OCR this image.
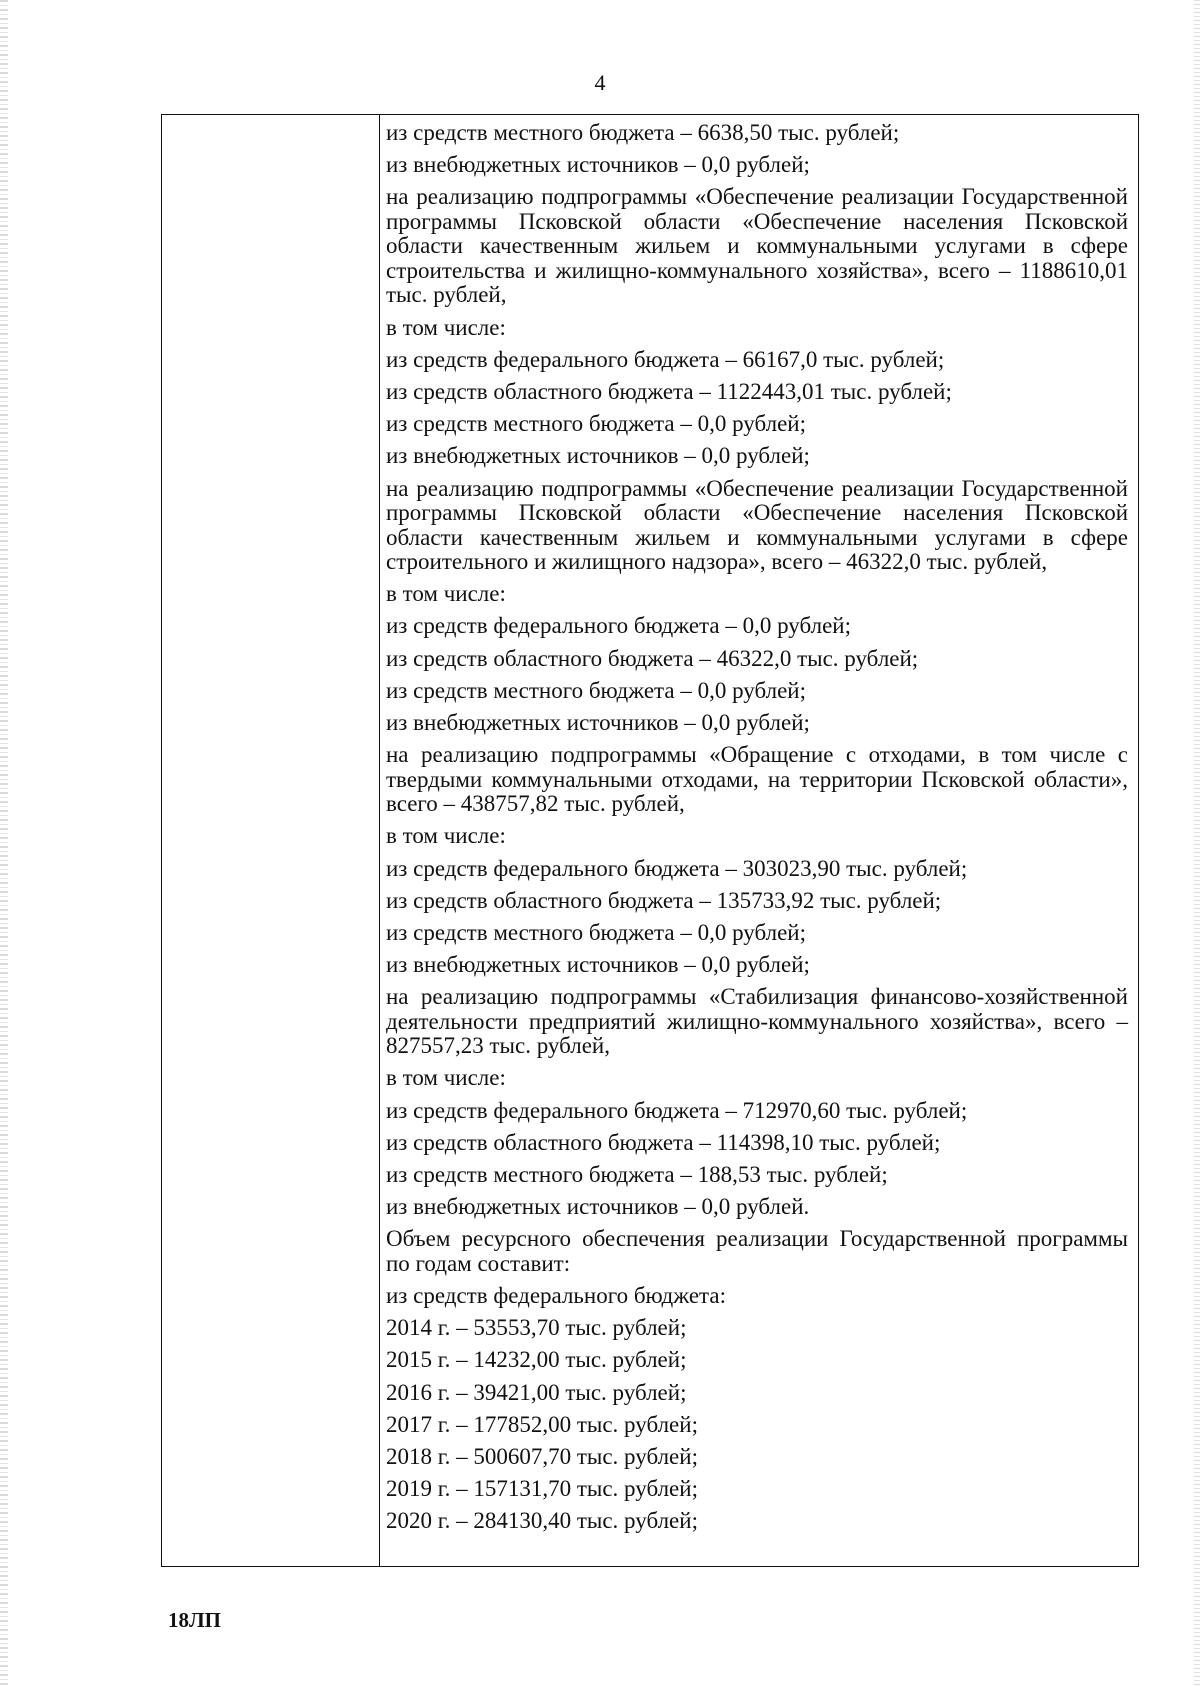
4
из средств местного бюджета – 6638,50 тыс. рублей;
из внебюджетных источников – 0,0 рублей;
на реализацию подпрограммы «Обеспечение реализации Государственной программы Псковской области «Обеспечение населения Псковской области качественным жильем и коммунальными услугами в сфере строительства и жилищно-коммунального хозяйства», всего – 1188610,01 тыс. рублей,
в том числе:
из средств федерального бюджета – 66167,0 тыс. рублей;
из средств областного бюджета – 1122443,01 тыс. рублей;
из средств местного бюджета – 0,0 рублей;
из внебюджетных источников – 0,0 рублей;
на реализацию подпрограммы «Обеспечение реализации Государственной программы Псковской области «Обеспечение населения Псковской области качественным жильем и коммунальными услугами в сфере строительного и жилищного надзора», всего – 46322,0 тыс. рублей,
в том числе:
из средств федерального бюджета – 0,0 рублей;
из средств областного бюджета – 46322,0 тыс. рублей;
из средств местного бюджета – 0,0 рублей;
из внебюджетных источников – 0,0 рублей;
на реализацию подпрограммы «Обращение с отходами, в том числе с твердыми коммунальными отходами, на территории Псковской области», всего – 438757,82 тыс. рублей,
в том числе:
из средств федерального бюджета – 303023,90 тыс. рублей;
из средств областного бюджета – 135733,92 тыс. рублей;
из средств местного бюджета – 0,0 рублей;
из внебюджетных источников – 0,0 рублей;
на реализацию подпрограммы «Стабилизация финансово-хозяйственной деятельности предприятий жилищно-коммунального хозяйства», всего – 827557,23 тыс. рублей,
в том числе:
из средств федерального бюджета – 712970,60 тыс. рублей;
из средств областного бюджета – 114398,10 тыс. рублей;
из средств местного бюджета – 188,53 тыс. рублей;
из внебюджетных источников – 0,0 рублей.
Объем ресурсного обеспечения реализации Государственной программы по годам составит:
из средств федерального бюджета:
2014 г. – 53553,70 тыс. рублей;
2015 г. – 14232,00 тыс. рублей;
2016 г. – 39421,00 тыс. рублей;
2017 г. – 177852,00 тыс. рублей;
2018 г. – 500607,70 тыс. рублей;
2019 г. – 157131,70 тыс. рублей;
2020 г. – 284130,40 тыс. рублей;
18ЛП
